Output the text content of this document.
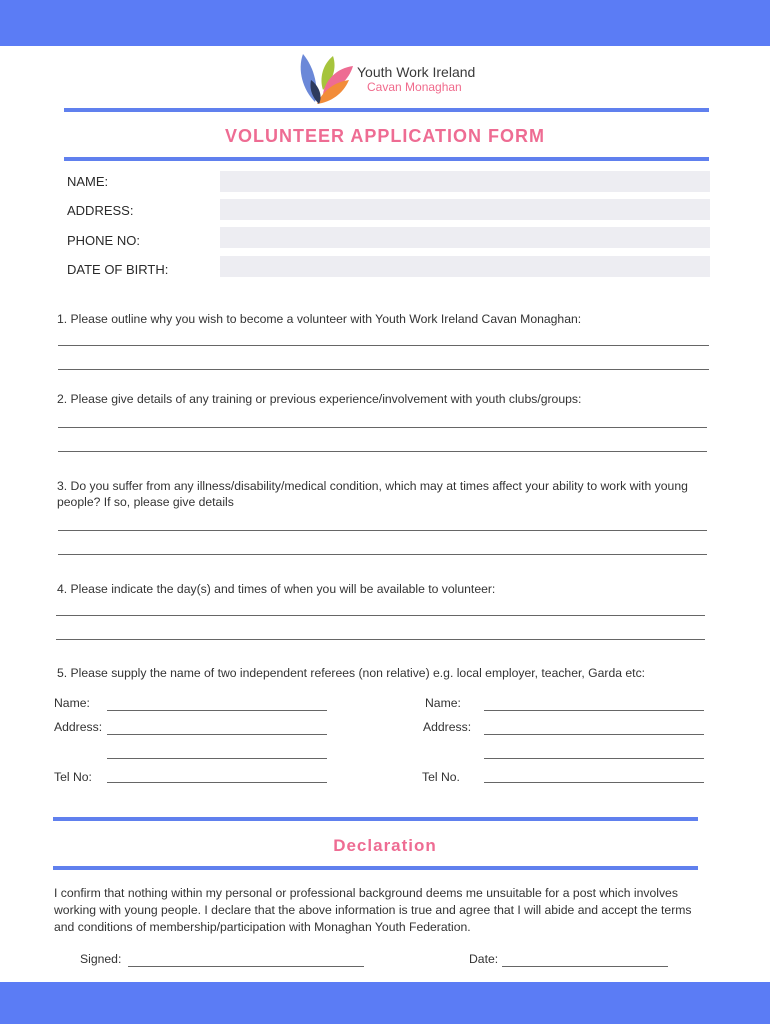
Youth Work Ireland
Cavan Monaghan
VOLUNTEER APPLICATION FORM
NAME:
ADDRESS:
PHONE NO:
DATE OF BIRTH:
1. Please outline why you wish to become a volunteer with Youth Work Ireland Cavan Monaghan:
2. Please give details of any training or previous experience/involvement with youth clubs/groups:
3. Do you suffer from any illness/disability/medical condition, which may at times affect your ability to work with young people? If so, please give details
4. Please indicate the day(s) and times of when you will be available to volunteer:
5. Please supply the name of two independent referees (non relative) e.g. local employer, teacher, Garda etc:
Name:
Address:
Tel No:
Name:
Address:
Tel No.
Declaration
I confirm that nothing within my personal or professional background deems me unsuitable for a post which involves working with young people. I declare that the above information is true and agree that I will abide and accept the terms and conditions of membership/participation with Monaghan Youth Federation.
Signed:	Date:
